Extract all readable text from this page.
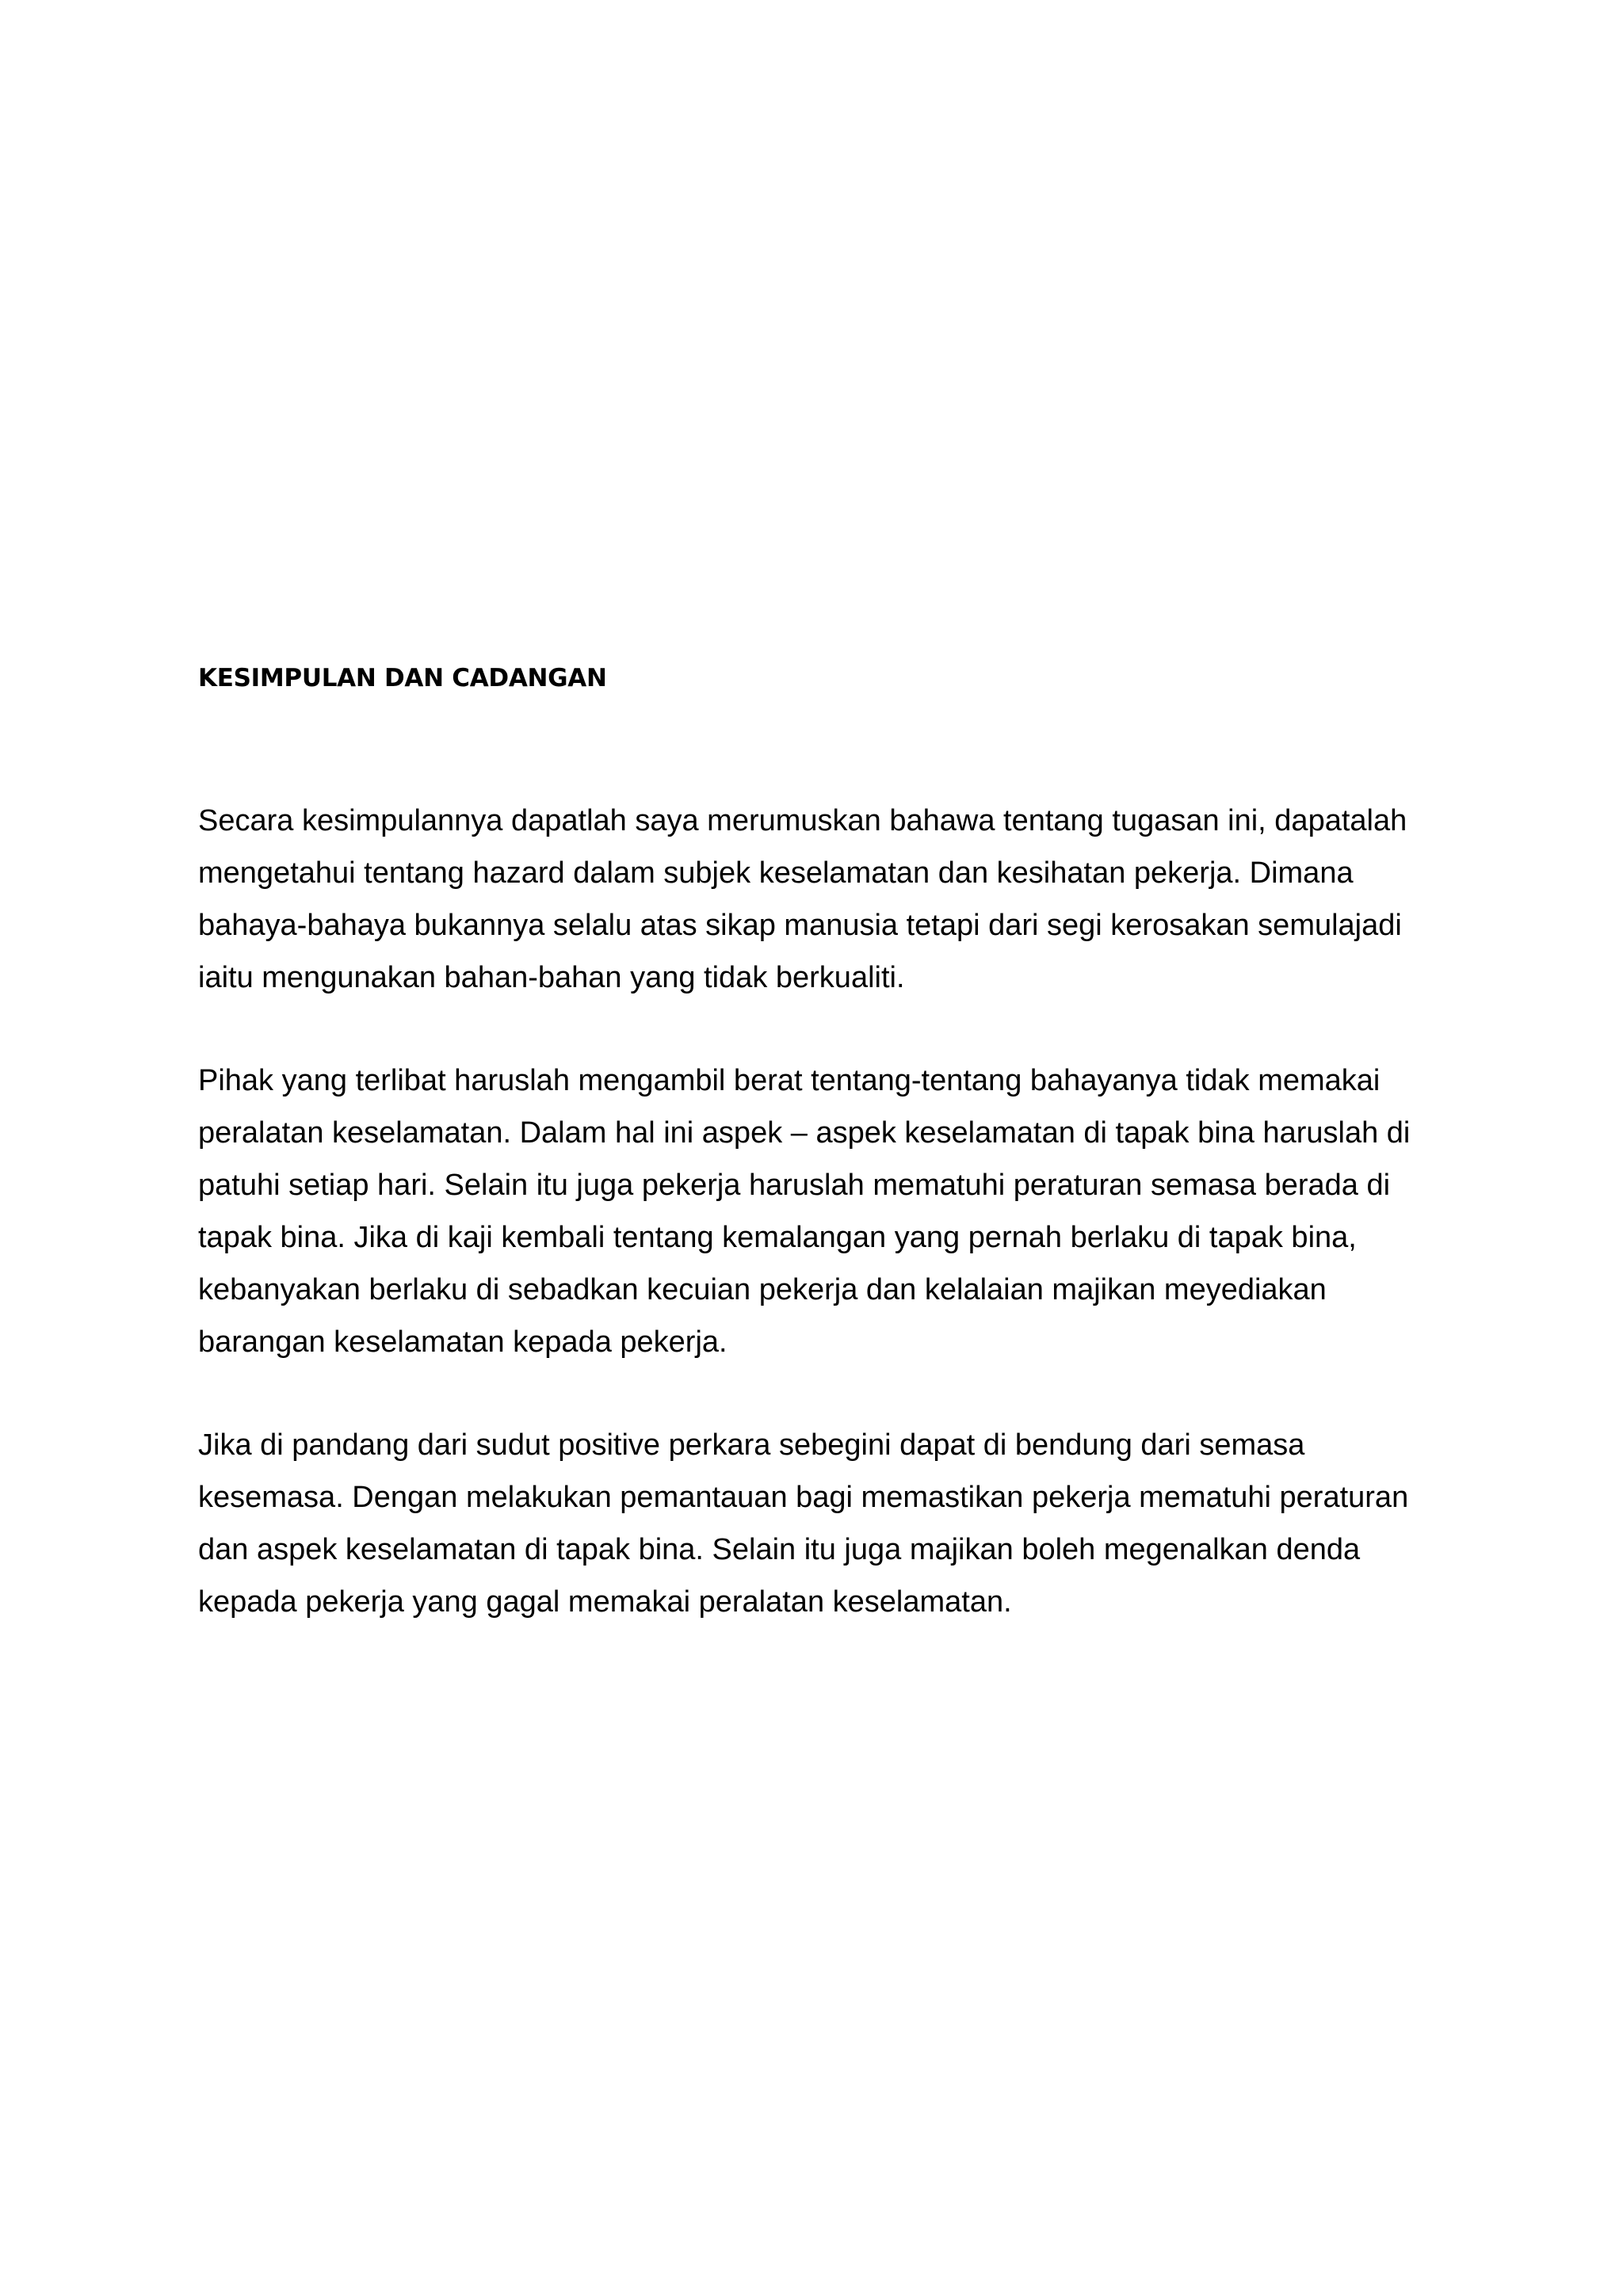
KESIMPULAN DAN CADANGAN

Secara kesimpulannya dapatlah saya merumuskan bahawa tentang tugasan ini, dapatalah
mengetahui tentang hazard dalam subjek keselamatan dan kesihatan pekerja. Dimana
bahaya-bahaya bukannya selalu atas sikap manusia tetapi dari segi kerosakan semulajadi
iaitu mengunakan bahan-bahan yang tidak berkualiti.

Pihak yang terlibat haruslah mengambil berat tentang-tentang bahayanya tidak memakai
peralatan keselamatan. Dalam hal ini aspek – aspek keselamatan di tapak bina haruslah di
patuhi setiap hari. Selain itu juga pekerja haruslah mematuhi peraturan semasa berada di
tapak bina. Jika di kaji kembali tentang kemalangan yang pernah berlaku di tapak bina,
kebanyakan berlaku di sebadkan kecuian pekerja dan kelalaian majikan meyediakan
barangan keselamatan kepada pekerja.

Jika di pandang dari sudut positive perkara sebegini dapat di bendung dari semasa
kesemasa. Dengan melakukan pemantauan bagi memastikan pekerja mematuhi peraturan
dan aspek keselamatan di tapak bina. Selain itu juga majikan boleh megenalkan denda
kepada pekerja yang gagal memakai peralatan keselamatan.
